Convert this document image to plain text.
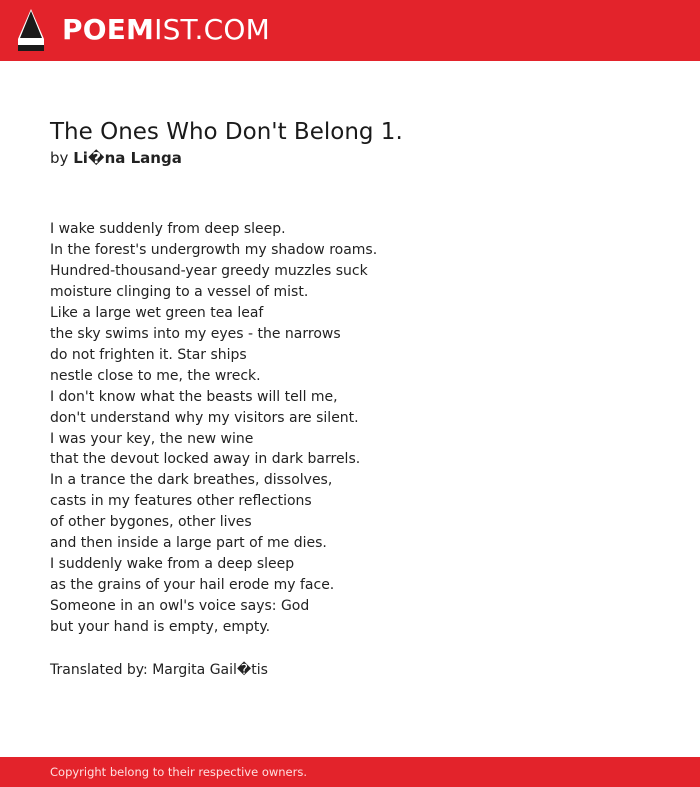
POEMIST.COM
The Ones Who Don't Belong 1.
by Li�na Langa
I wake suddenly from deep sleep.
In the forest's undergrowth my shadow roams.
Hundred-thousand-year greedy muzzles suck
moisture clinging to a vessel of mist.
Like a large wet green tea leaf
the sky swims into my eyes - the narrows
do not frighten it. Star ships
nestle close to me, the wreck.
I don't know what the beasts will tell me,
don't understand why my visitors are silent.
I was your key, the new wine
that the devout locked away in dark barrels.
In a trance the dark breathes, dissolves,
casts in my features other reflections
of other bygones, other lives
and then inside a large part of me dies.
I suddenly wake from a deep sleep
as the grains of your hail erode my face.
Someone in an owl's voice says: God
but your hand is empty, empty.
Translated by: Margita Gail�tis
Copyright belong to their respective owners.
